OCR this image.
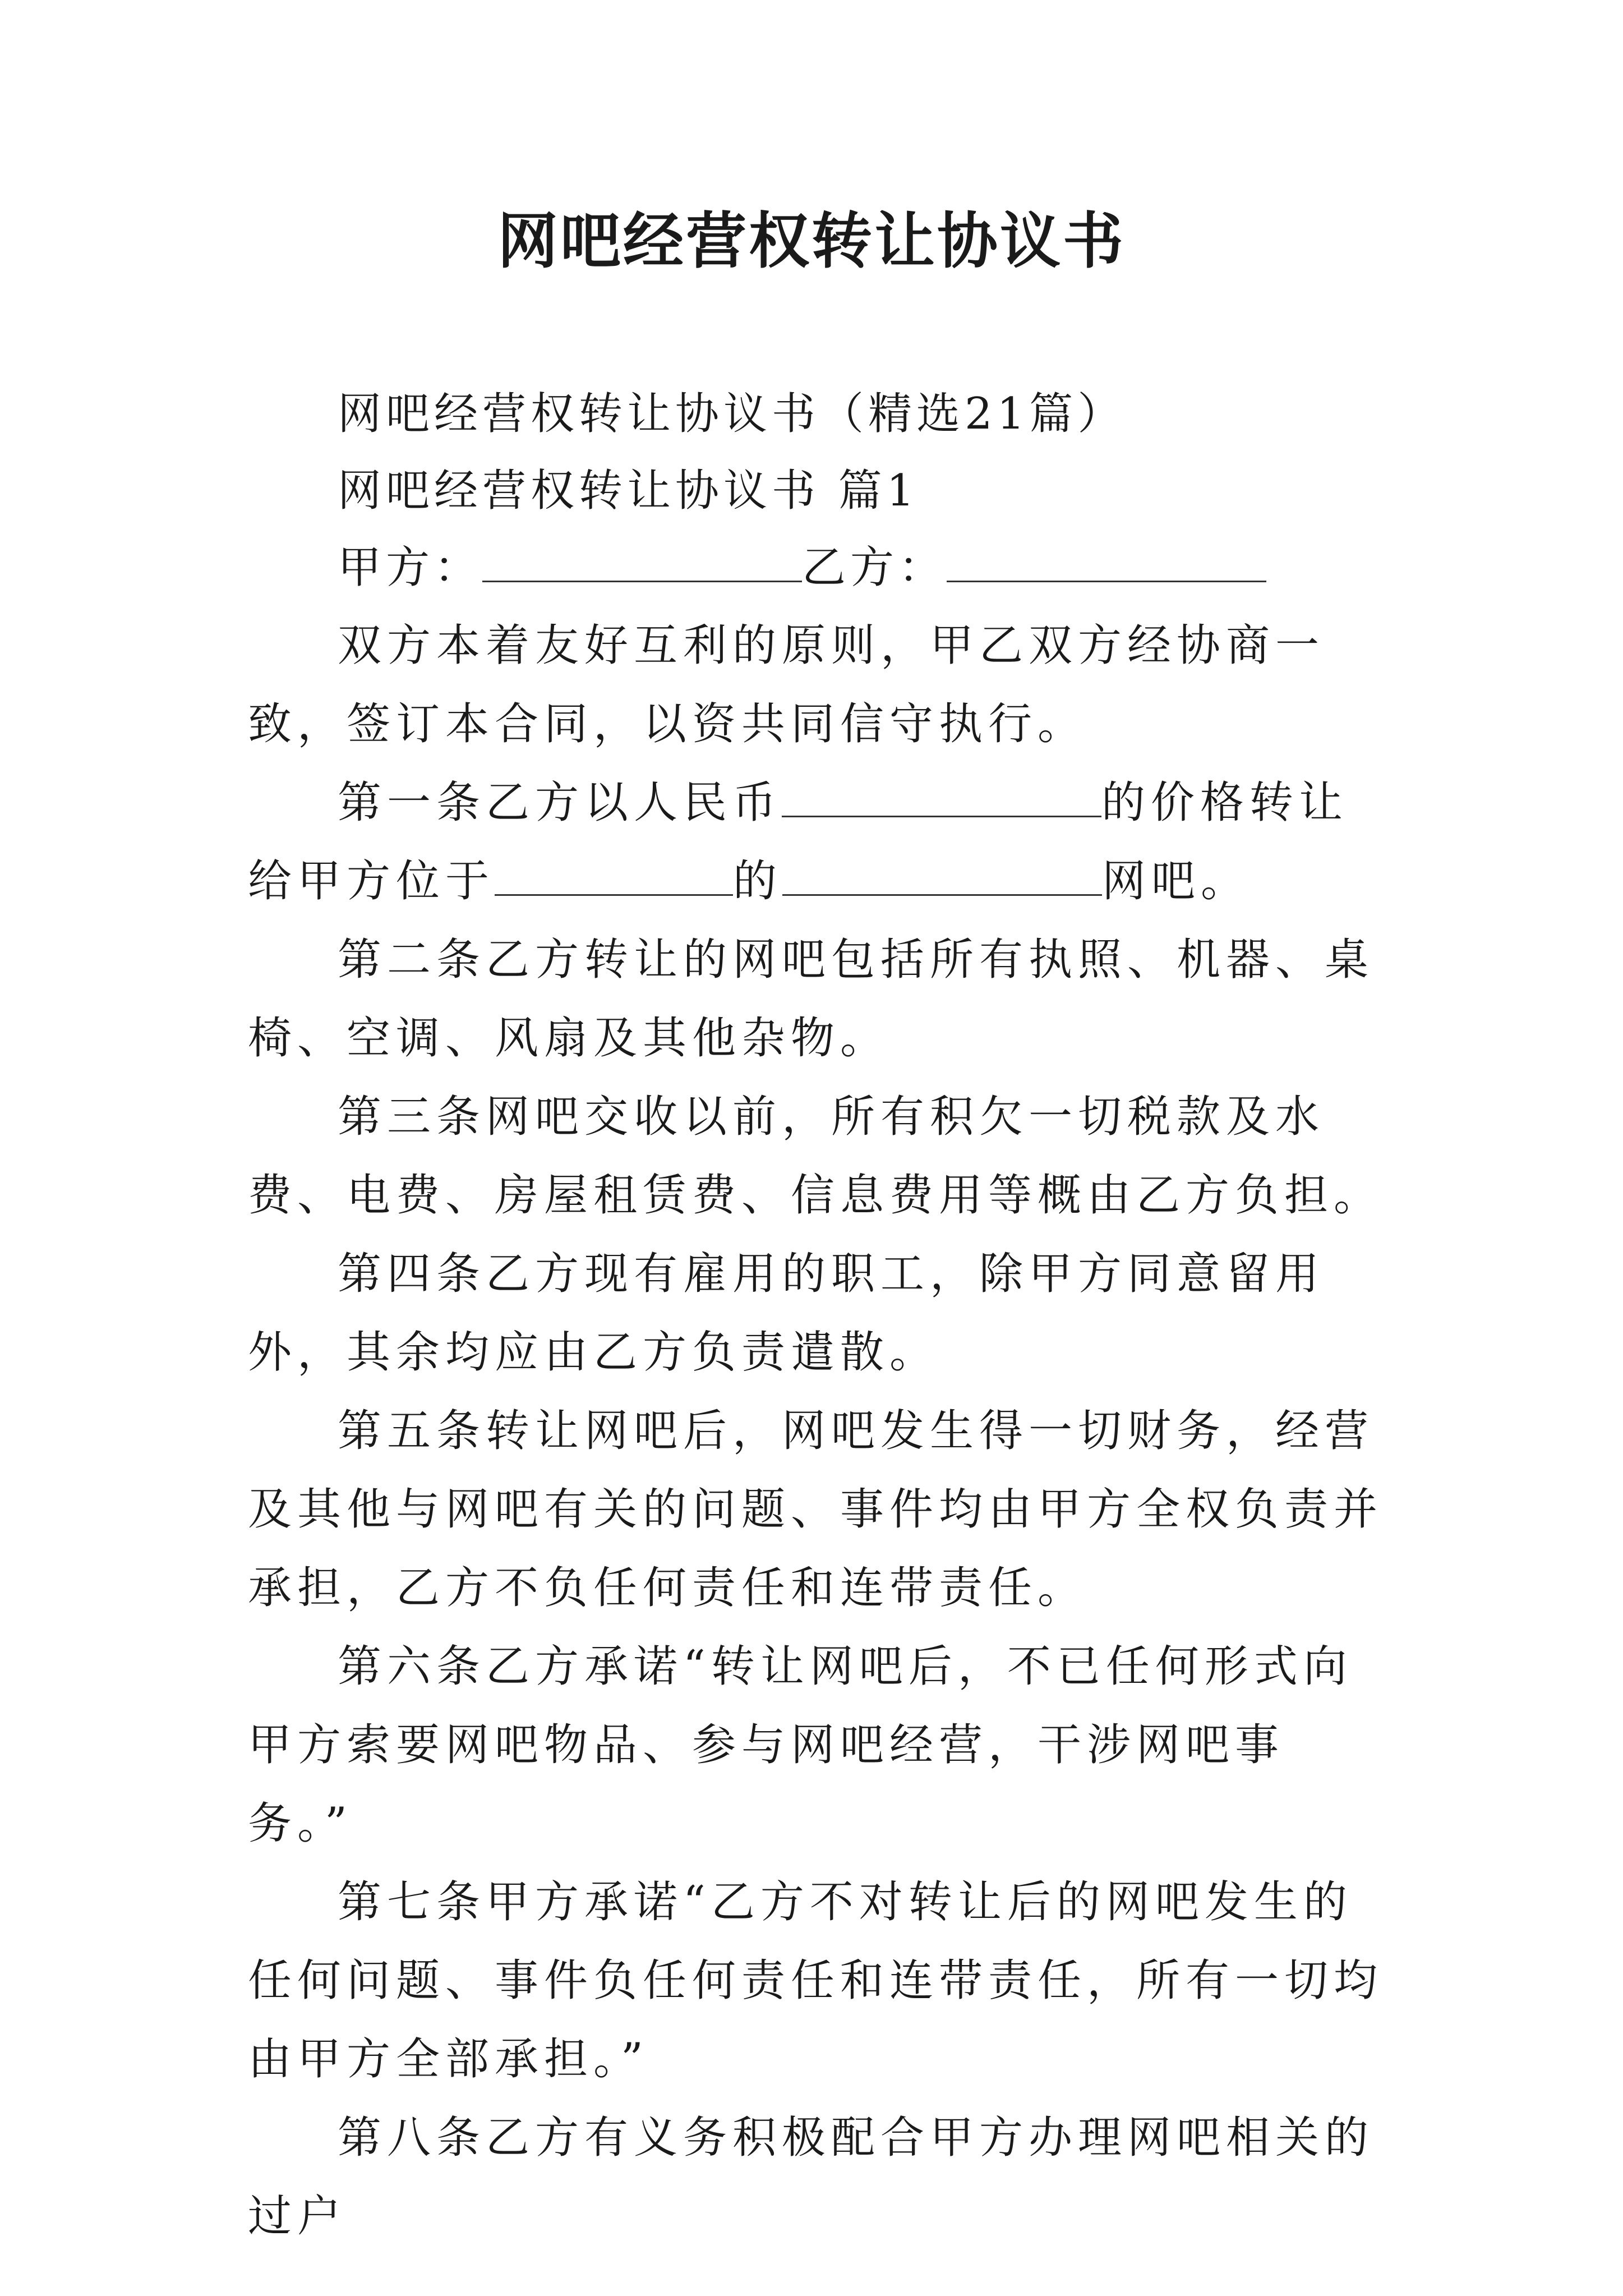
网吧经营权转让协议书

网吧经营权转让协议书（精选21篇）

网吧经营权转让协议书 篇1

甲方：	乙方：

双方本着友好互利的原则，甲乙双方经协商一致，签订本合同，以资共同信守执行。

第一条乙方以人民币	的价格转让给甲方位于	的	网吧。

第二条乙方转让的网吧包括所有执照、机器、桌椅、空调、风扇及其他杂物。

第三条网吧交收以前，所有积欠一切税款及水费、电费、房屋租赁费、信息费用等概由乙方负担。

第四条乙方现有雇用的职工，除甲方同意留用外，其余均应由乙方负责遣散。

第五条转让网吧后，网吧发生得一切财务，经营及其他与网吧有关的问题、事件均由甲方全权负责并承担，乙方不负任何责任和连带责任。

第六条乙方承诺“转让网吧后，不已任何形式向甲方索要网吧物品、参与网吧经营，干涉网吧事务。”

第七条甲方承诺“乙方不对转让后的网吧发生的任何问题、事件负任何责任和连带责任，所有一切均由甲方全部承担。”

第八条乙方有义务积极配合甲方办理网吧相关的过户
